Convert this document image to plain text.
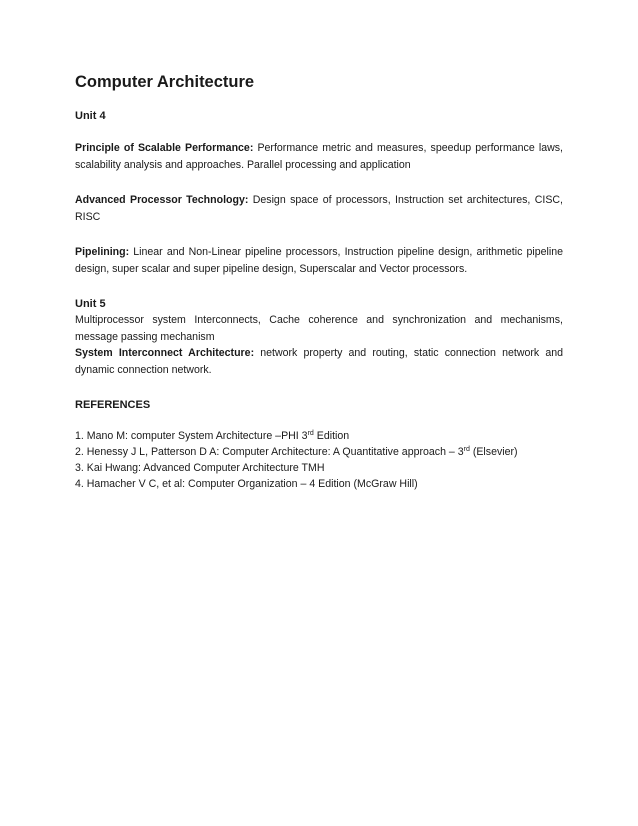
Computer Architecture
Unit 4

Principle of Scalable Performance: Performance metric and measures, speedup performance laws, scalability analysis and approaches. Parallel processing and application

Advanced Processor Technology: Design space of processors, Instruction set architectures, CISC, RISC

Pipelining: Linear and Non-Linear pipeline processors, Instruction pipeline design, arithmetic pipeline design, super scalar and super pipeline design, Superscalar and Vector processors.

Unit 5

Multiprocessor system Interconnects, Cache coherence and synchronization and mechanisms, message passing mechanism

System Interconnect Architecture: network property and routing, static connection network and dynamic connection network.

REFERENCES
1. Mano M: computer System Architecture –PHI 3rd Edition
2. Henessy J L, Patterson D A: Computer Architecture: A Quantitative approach – 3rd (Elsevier)
3. Kai Hwang: Advanced Computer Architecture TMH
4. Hamacher V C, et al: Computer Organization – 4 Edition (McGraw Hill)
